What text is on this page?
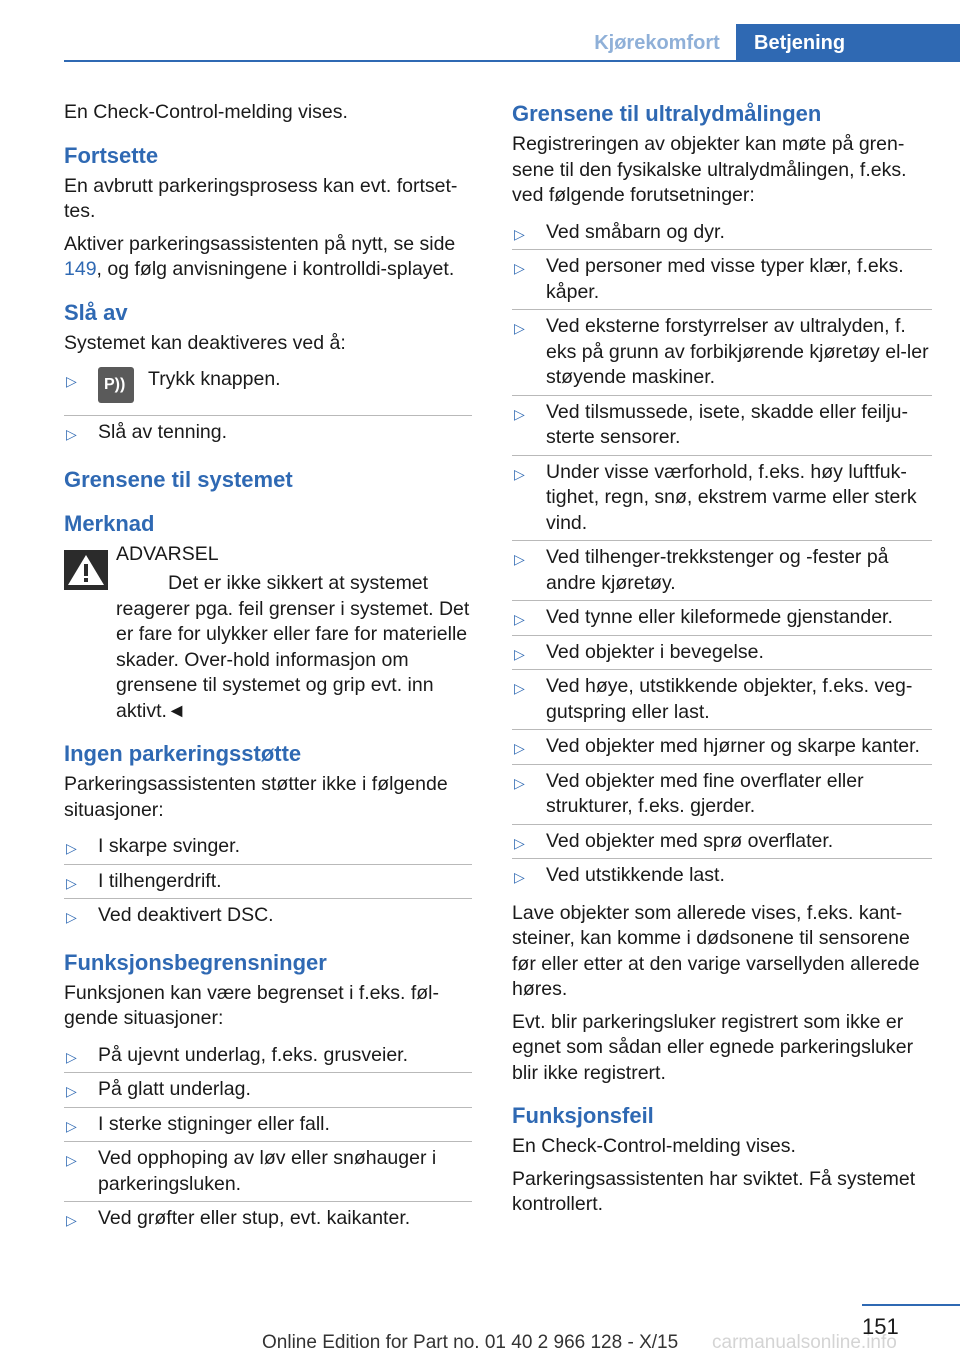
Kjørekomfort	Betjening

En Check-Control-melding vises.

Fortsette

En avbrutt parkeringsprosess kan evt. fortset‐tes.

Aktiver parkeringsassistenten på nytt, se side 149, og følg anvisningene i kontrolldi‐splayet.

Slå av

Systemet kan deaktiveres ved å:

▷ P)) Trykk knappen.
▷ Slå av tenning.
Grensene til systemet
Merknad

ADVARSEL

Det er ikke sikkert at systemet reagerer pga. feil grenser i systemet. Det er fare for ulykker eller fare for materielle skader. Over‐hold informasjon om grensene til systemet og grip evt. inn aktivt.◄

Ingen parkeringsstøtte

Parkeringsassistenten støtter ikke i følgende situasjoner:

▷ I skarpe svinger.
▷ I tilhengerdrift.
▷ Ved deaktivert DSC.
Funksjonsbegrensninger

Funksjonen kan være begrenset i f.eks. føl‐gende situasjoner:

▷ På ujevnt underlag, f.eks. grusveier.
▷ På glatt underlag.
▷ I sterke stigninger eller fall.
▷ Ved opphoping av løv eller snøhauger i parkeringsluken.
▷ Ved grøfter eller stup, evt. kaikanter.
Grensene til ultralydmålingen

Registreringen av objekter kan møte på gren‐sene til den fysikalske ultralydmålingen, f.eks. ved følgende forutsetninger:

▷ Ved småbarn og dyr.
▷ Ved personer med visse typer klær, f.eks. kåper.
▷ Ved eksterne forstyrrelser av ultralyden, f. eks på grunn av forbikjørende kjøretøy el‐ler støyende maskiner.
▷ Ved tilsmussede, isete, skadde eller feilju‐sterte sensorer.
▷ Under visse værforhold, f.eks. høy luftfuk‐tighet, regn, snø, ekstrem varme eller sterk vind.
▷ Ved tilhenger-trekkstenger og -fester på andre kjøretøy.
▷ Ved tynne eller kileformede gjenstander.
▷ Ved objekter i bevegelse.
▷ Ved høye, utstikkende objekter, f.eks. veg‐gutspring eller last.
▷ Ved objekter med hjørner og skarpe kanter.
▷ Ved objekter med fine overflater eller strukturer, f.eks. gjerder.
▷ Ved objekter med sprø overflater.
▷ Ved utstikkende last.

Lave objekter som allerede vises, f.eks. kant‐steiner, kan komme i dødsonene til sensorene før eller etter at den varige varsellyden allerede høres.

Evt. blir parkeringsluker registrert som ikke er egnet som sådan eller egnede parkeringsluker blir ikke registrert.

Funksjonsfeil

En Check-Control-melding vises.

Parkeringsassistenten har sviktet. Få systemet kontrollert.

151
Online Edition for Part no. 01 40 2 966 128 - X/15 carmanualsonline.info
